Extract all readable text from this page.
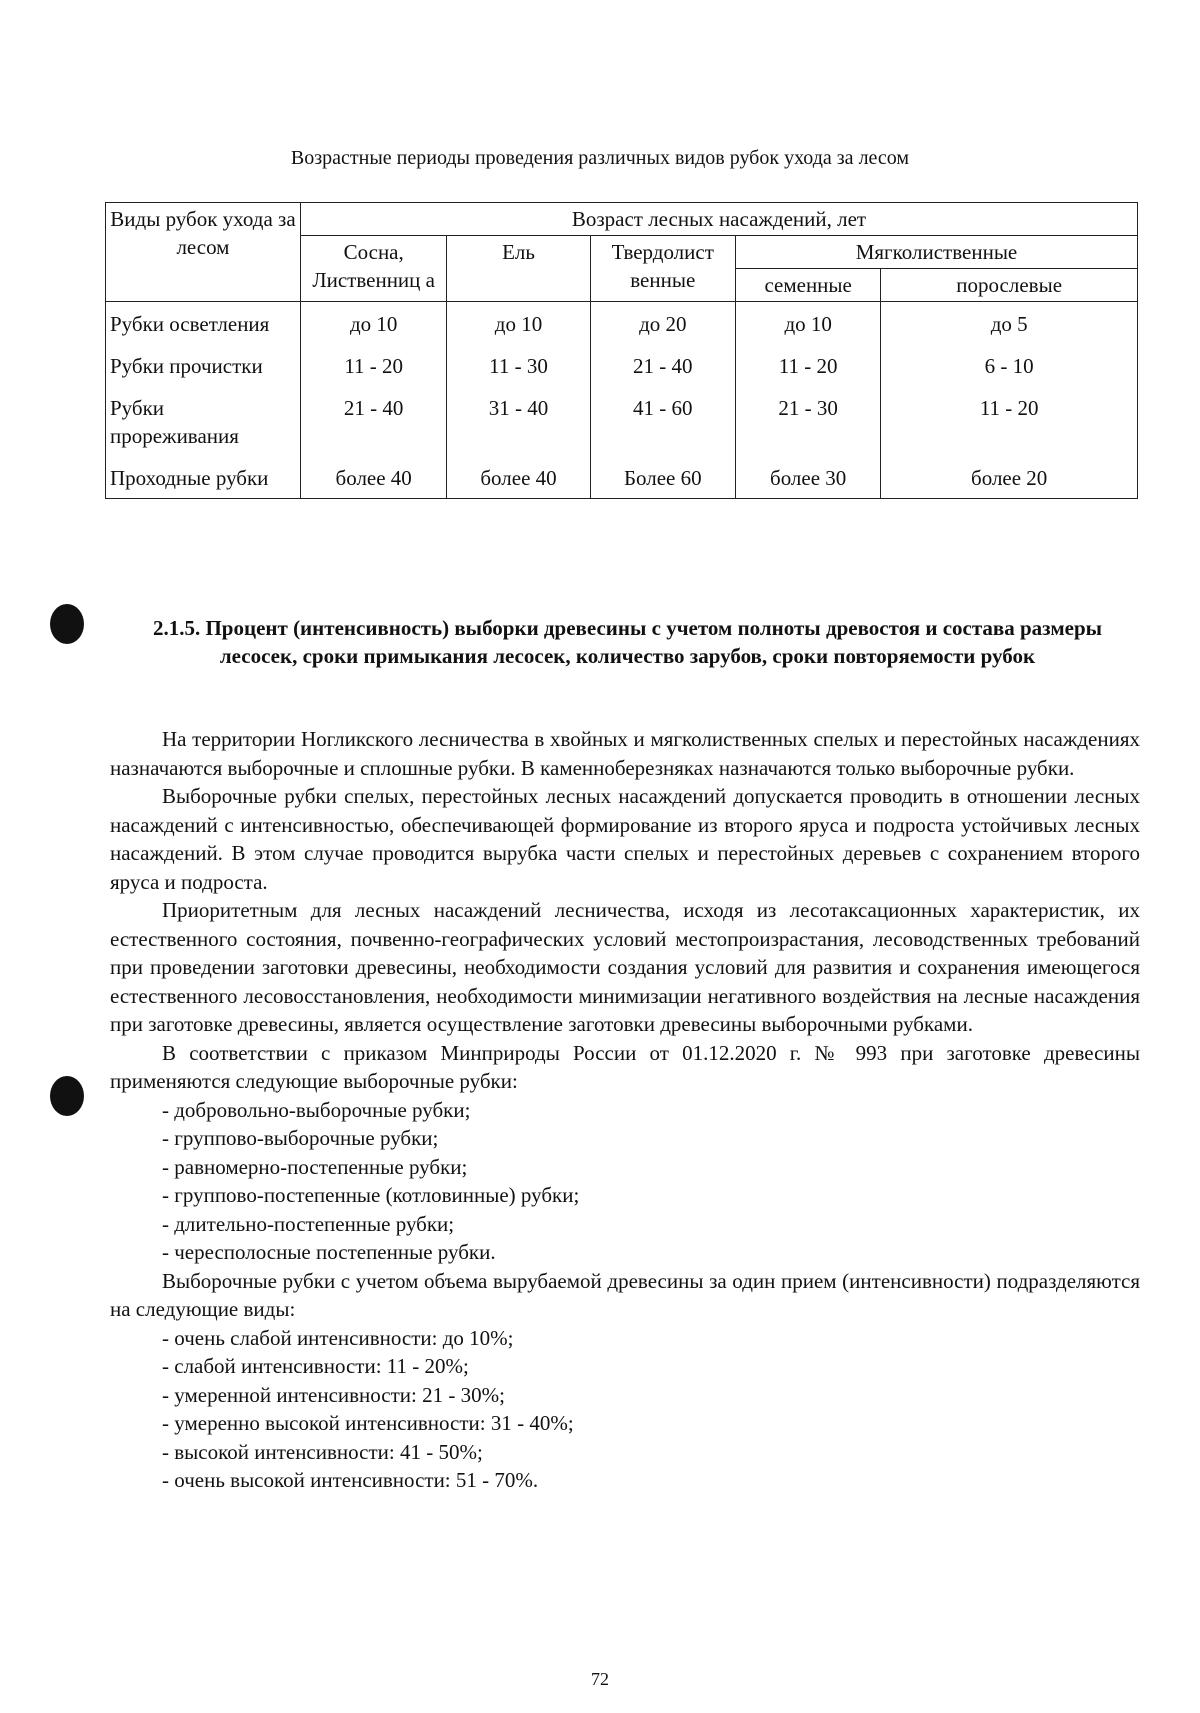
Возрастные периоды проведения различных видов рубок ухода за лесом
Виды рубок ухода за лесом	Возраст лесных насаждений, лет				
	Сосна, Лиственниц а	Ель	Твердолист венные	Мягколиственные	
				семенные	порослевые
Рубки осветления	до 10	до 10	до 20	до 10	до 5
Рубки прочистки	11 - 20	11 - 30	21 - 40	11 - 20	6 - 10
Рубки прореживания	21 - 40	31 - 40	41 - 60	21 - 30	11 - 20
Проходные рубки	более 40	более 40	Более 60	более 30	более 20
2.1.5. Процент (интенсивность) выборки древесины с учетом полноты древостоя и состава размеры лесосек, сроки примыкания лесосек, количество зарубов, сроки повторяемости рубок

На территории Ногликского лесничества в хвойных и мягколиственных спелых и перестойных насаждениях назначаются выборочные и сплошные рубки. В каменноберезняках назначаются только выборочные рубки.

Выборочные рубки спелых, перестойных лесных насаждений допускается проводить в отношении лесных насаждений с интенсивностью, обеспечивающей формирование из второго яруса и подроста устойчивых лесных насаждений. В этом случае проводится вырубка части спелых и перестойных деревьев с сохранением второго яруса и подроста.

Приоритетным для лесных насаждений лесничества, исходя из лесотаксационных характеристик, их естественного состояния, почвенно-географических условий местопроизрастания, лесоводственных требований при проведении заготовки древесины, необходимости создания условий для развития и сохранения имеющегося естественного лесовосстановления, необходимости минимизации негативного воздействия на лесные насаждения при заготовке древесины, является осуществление заготовки древесины выборочными рубками.

В соответствии с приказом Минприроды России от 01.12.2020 г. № 993 при заготовке древесины применяются следующие выборочные рубки:

- добровольно-выборочные рубки;
- группово-выборочные рубки;
- равномерно-постепенные рубки;
- группово-постепенные (котловинные) рубки;
- длительно-постепенные рубки;
- чересполосные постепенные рубки.

Выборочные рубки с учетом объема вырубаемой древесины за один прием (интенсивности) подразделяются на следующие виды:

- очень слабой интенсивности: до 10%;
- слабой интенсивности: 11 - 20%;
- умеренной интенсивности: 21 - 30%;
- умеренно высокой интенсивности: 31 - 40%;
- высокой интенсивности: 41 - 50%;
- очень высокой интенсивности: 51 - 70%.
72
